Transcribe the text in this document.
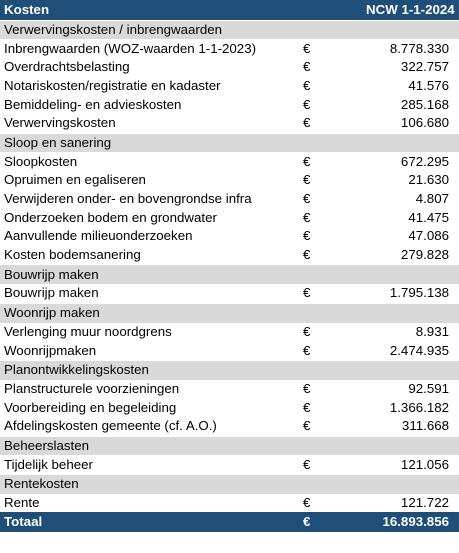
Kosten		NCW 1-1-2024
Verwervingskosten / inbrengwaarden		
Inbrengwaarden (WOZ-waarden 1-1-2023)	€	8.778.330
Overdrachtsbelasting	€	322.757
Notariskosten/registratie en kadaster	€	41.576
Bemiddeling- en advieskosten	€	285.168
Verwervingskosten	€	106.680
Sloop en sanering		
Sloopkosten	€	672.295
Opruimen en egaliseren	€	21.630
Verwijderen onder- en bovengrondse infra	€	4.807
Onderzoeken bodem en grondwater	€	41.475
Aanvullende milieuonderzoeken	€	47.086
Kosten bodemsanering	€	279.828
Bouwrijp maken		
Bouwrijp maken	€	1.795.138
Woonrijp maken		
Verlenging muur noordgrens	€	8.931
Woonrijpmaken	€	2.474.935
Planontwikkelingskosten		
Planstructurele voorzieningen	€	92.591
Voorbereiding en begeleiding	€	1.366.182
Afdelingskosten gemeente (cf. A.O.)	€	311.668
Beheerslasten		
Tijdelijk beheer	€	121.056
Rentekosten		
Rente	€	121.722
Totaal	€	16.893.856
